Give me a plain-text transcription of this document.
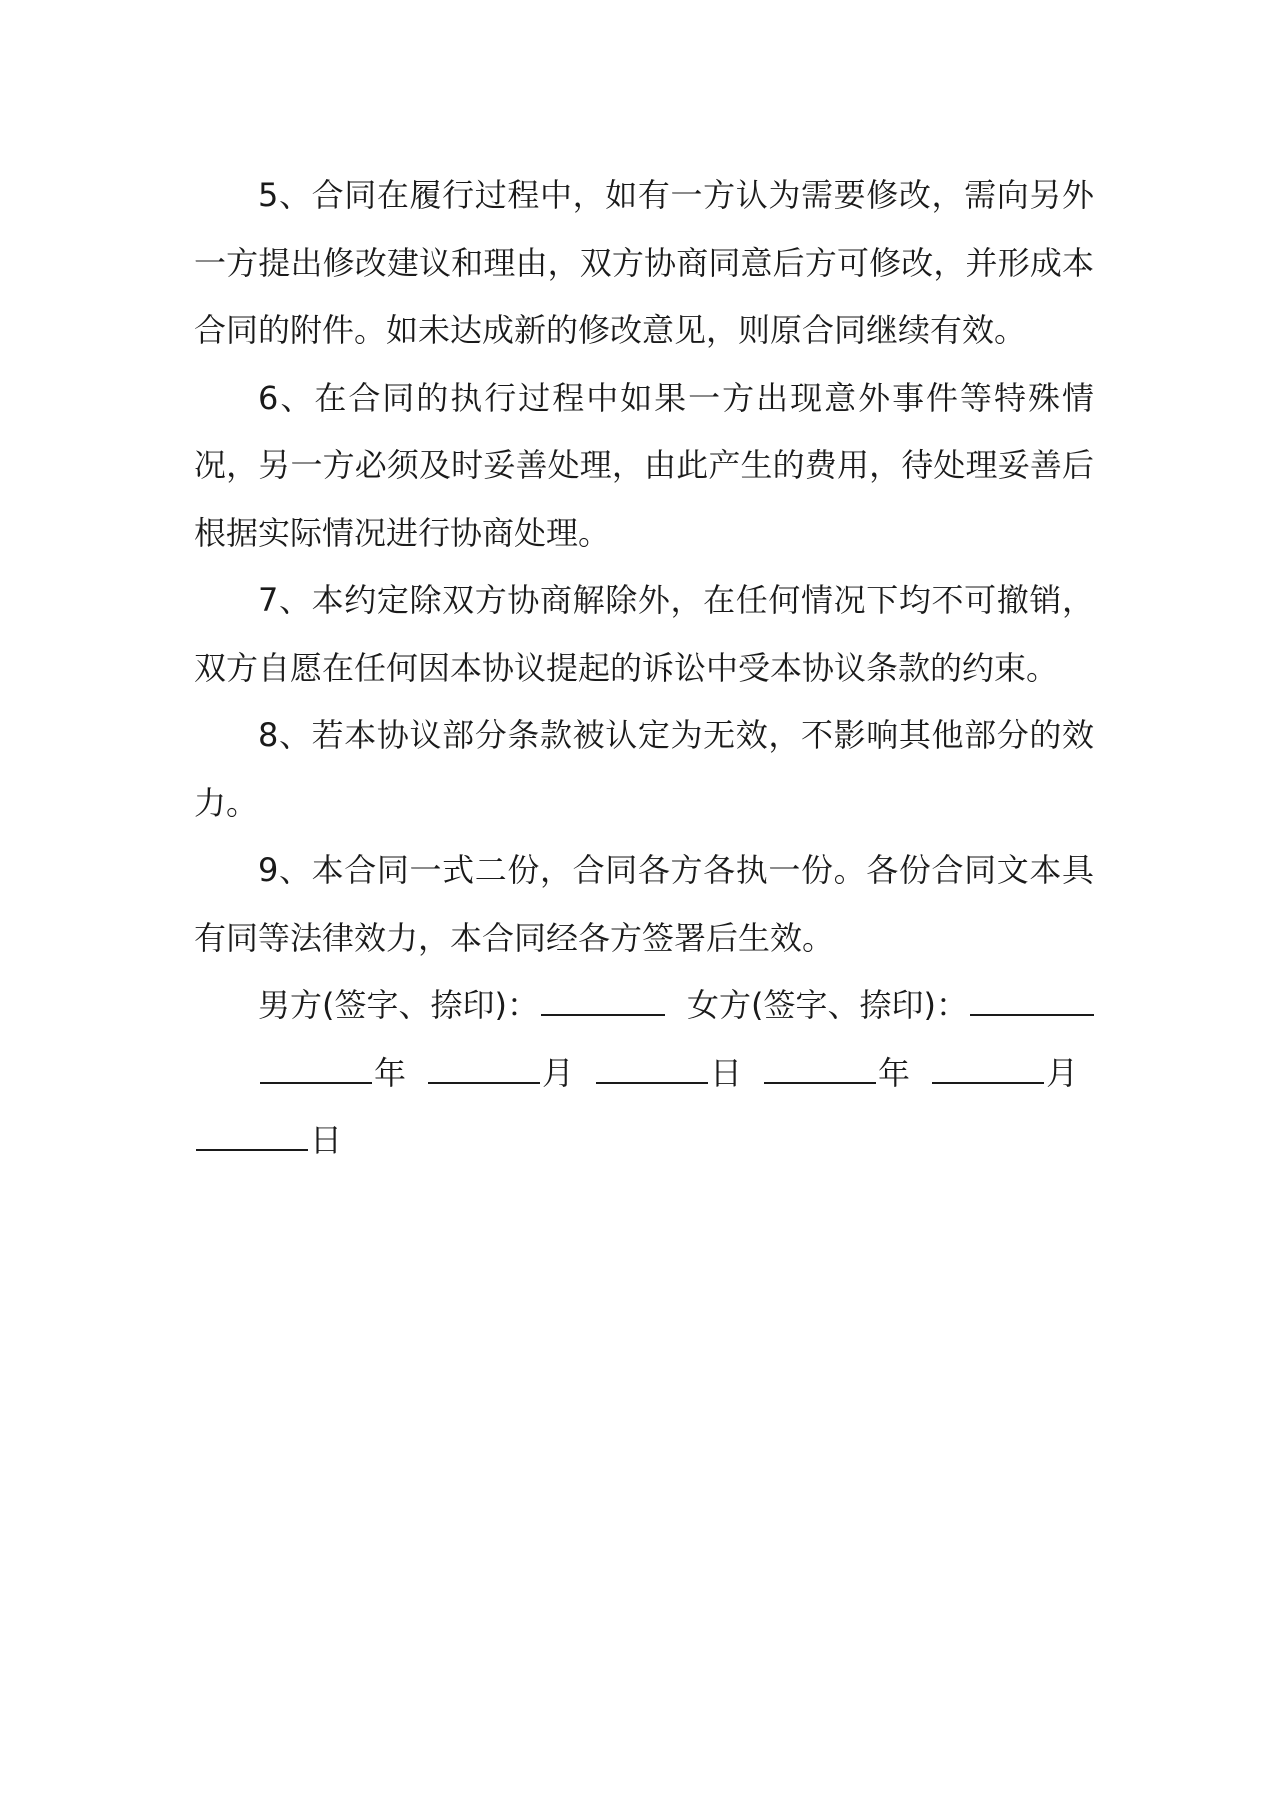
5、合同在履行过程中，如有一方认为需要修改，需向另外一方提出修改建议和理由，双方协商同意后方可修改，并形成本合同的附件。如未达成新的修改意见，则原合同继续有效。

6、在合同的执行过程中如果一方出现意外事件等特殊情况，另一方必须及时妥善处理，由此产生的费用，待处理妥善后根据实际情况进行协商处理。

7、本约定除双方协商解除外，在任何情况下均不可撤销，双方自愿在任何因本协议提起的诉讼中受本协议条款的约束。

8、若本协议部分条款被认定为无效，不影响其他部分的效力。

9、本合同一式二份，合同各方各执一份。各份合同文本具有同等法律效力，本合同经各方签署后生效。

男方(签字、捺印)：	女方(签字、捺印)：

年	月	日	年	月

日
